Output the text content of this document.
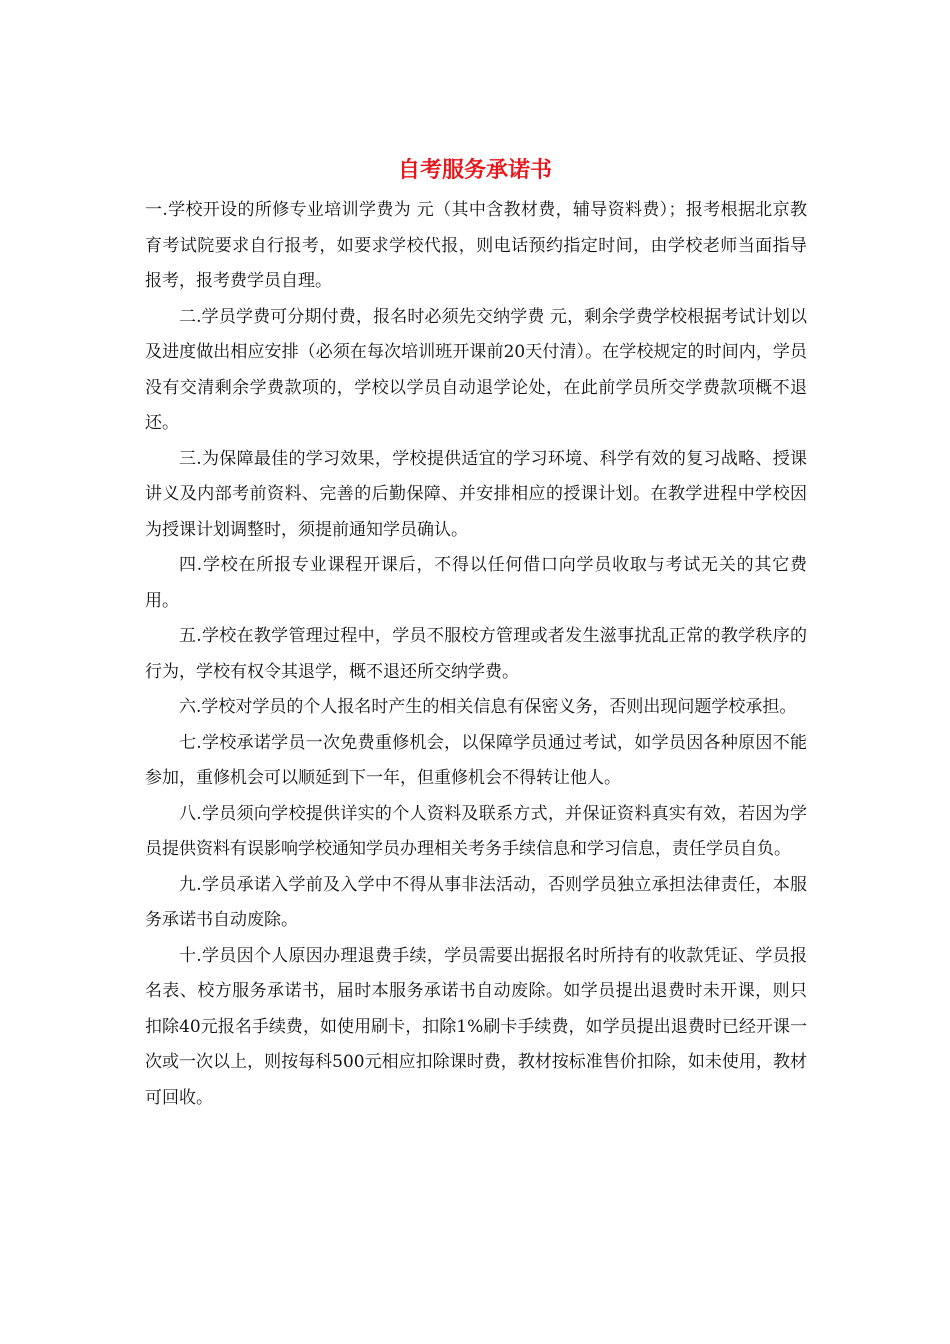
自考服务承诺书

一.学校开设的所修专业培训学费为 元（其中含教材费，辅导资料费）；报考根据北京教育考试院要求自行报考，如要求学校代报，则电话预约指定时间，由学校老师当面指导报考，报考费学员自理。

二.学员学费可分期付费，报名时必须先交纳学费 元，剩余学费学校根据考试计划以及进度做出相应安排（必须在每次培训班开课前20天付清）。在学校规定的时间内，学员没有交清剩余学费款项的，学校以学员自动退学论处，在此前学员所交学费款项概不退还。

三.为保障最佳的学习效果，学校提供适宜的学习环境、科学有效的复习战略、授课讲义及内部考前资料、完善的后勤保障、并安排相应的授课计划。在教学进程中学校因为授课计划调整时，须提前通知学员确认。

四.学校在所报专业课程开课后，不得以任何借口向学员收取与考试无关的其它费用。

五.学校在教学管理过程中，学员不服校方管理或者发生滋事扰乱正常的教学秩序的行为，学校有权令其退学，概不退还所交纳学费。

六.学校对学员的个人报名时产生的相关信息有保密义务，否则出现问题学校承担。

七.学校承诺学员一次免费重修机会，以保障学员通过考试，如学员因各种原因不能参加，重修机会可以顺延到下一年，但重修机会不得转让他人。

八.学员须向学校提供详实的个人资料及联系方式，并保证资料真实有效，若因为学员提供资料有误影响学校通知学员办理相关考务手续信息和学习信息，责任学员自负。

九.学员承诺入学前及入学中不得从事非法活动，否则学员独立承担法律责任，本服务承诺书自动废除。

十.学员因个人原因办理退费手续，学员需要出据报名时所持有的收款凭证、学员报名表、校方服务承诺书，届时本服务承诺书自动废除。如学员提出退费时未开课，则只扣除40元报名手续费，如使用刷卡，扣除1%刷卡手续费，如学员提出退费时已经开课一次或一次以上，则按每科500元相应扣除课时费，教材按标准售价扣除，如未使用，教材可回收。
